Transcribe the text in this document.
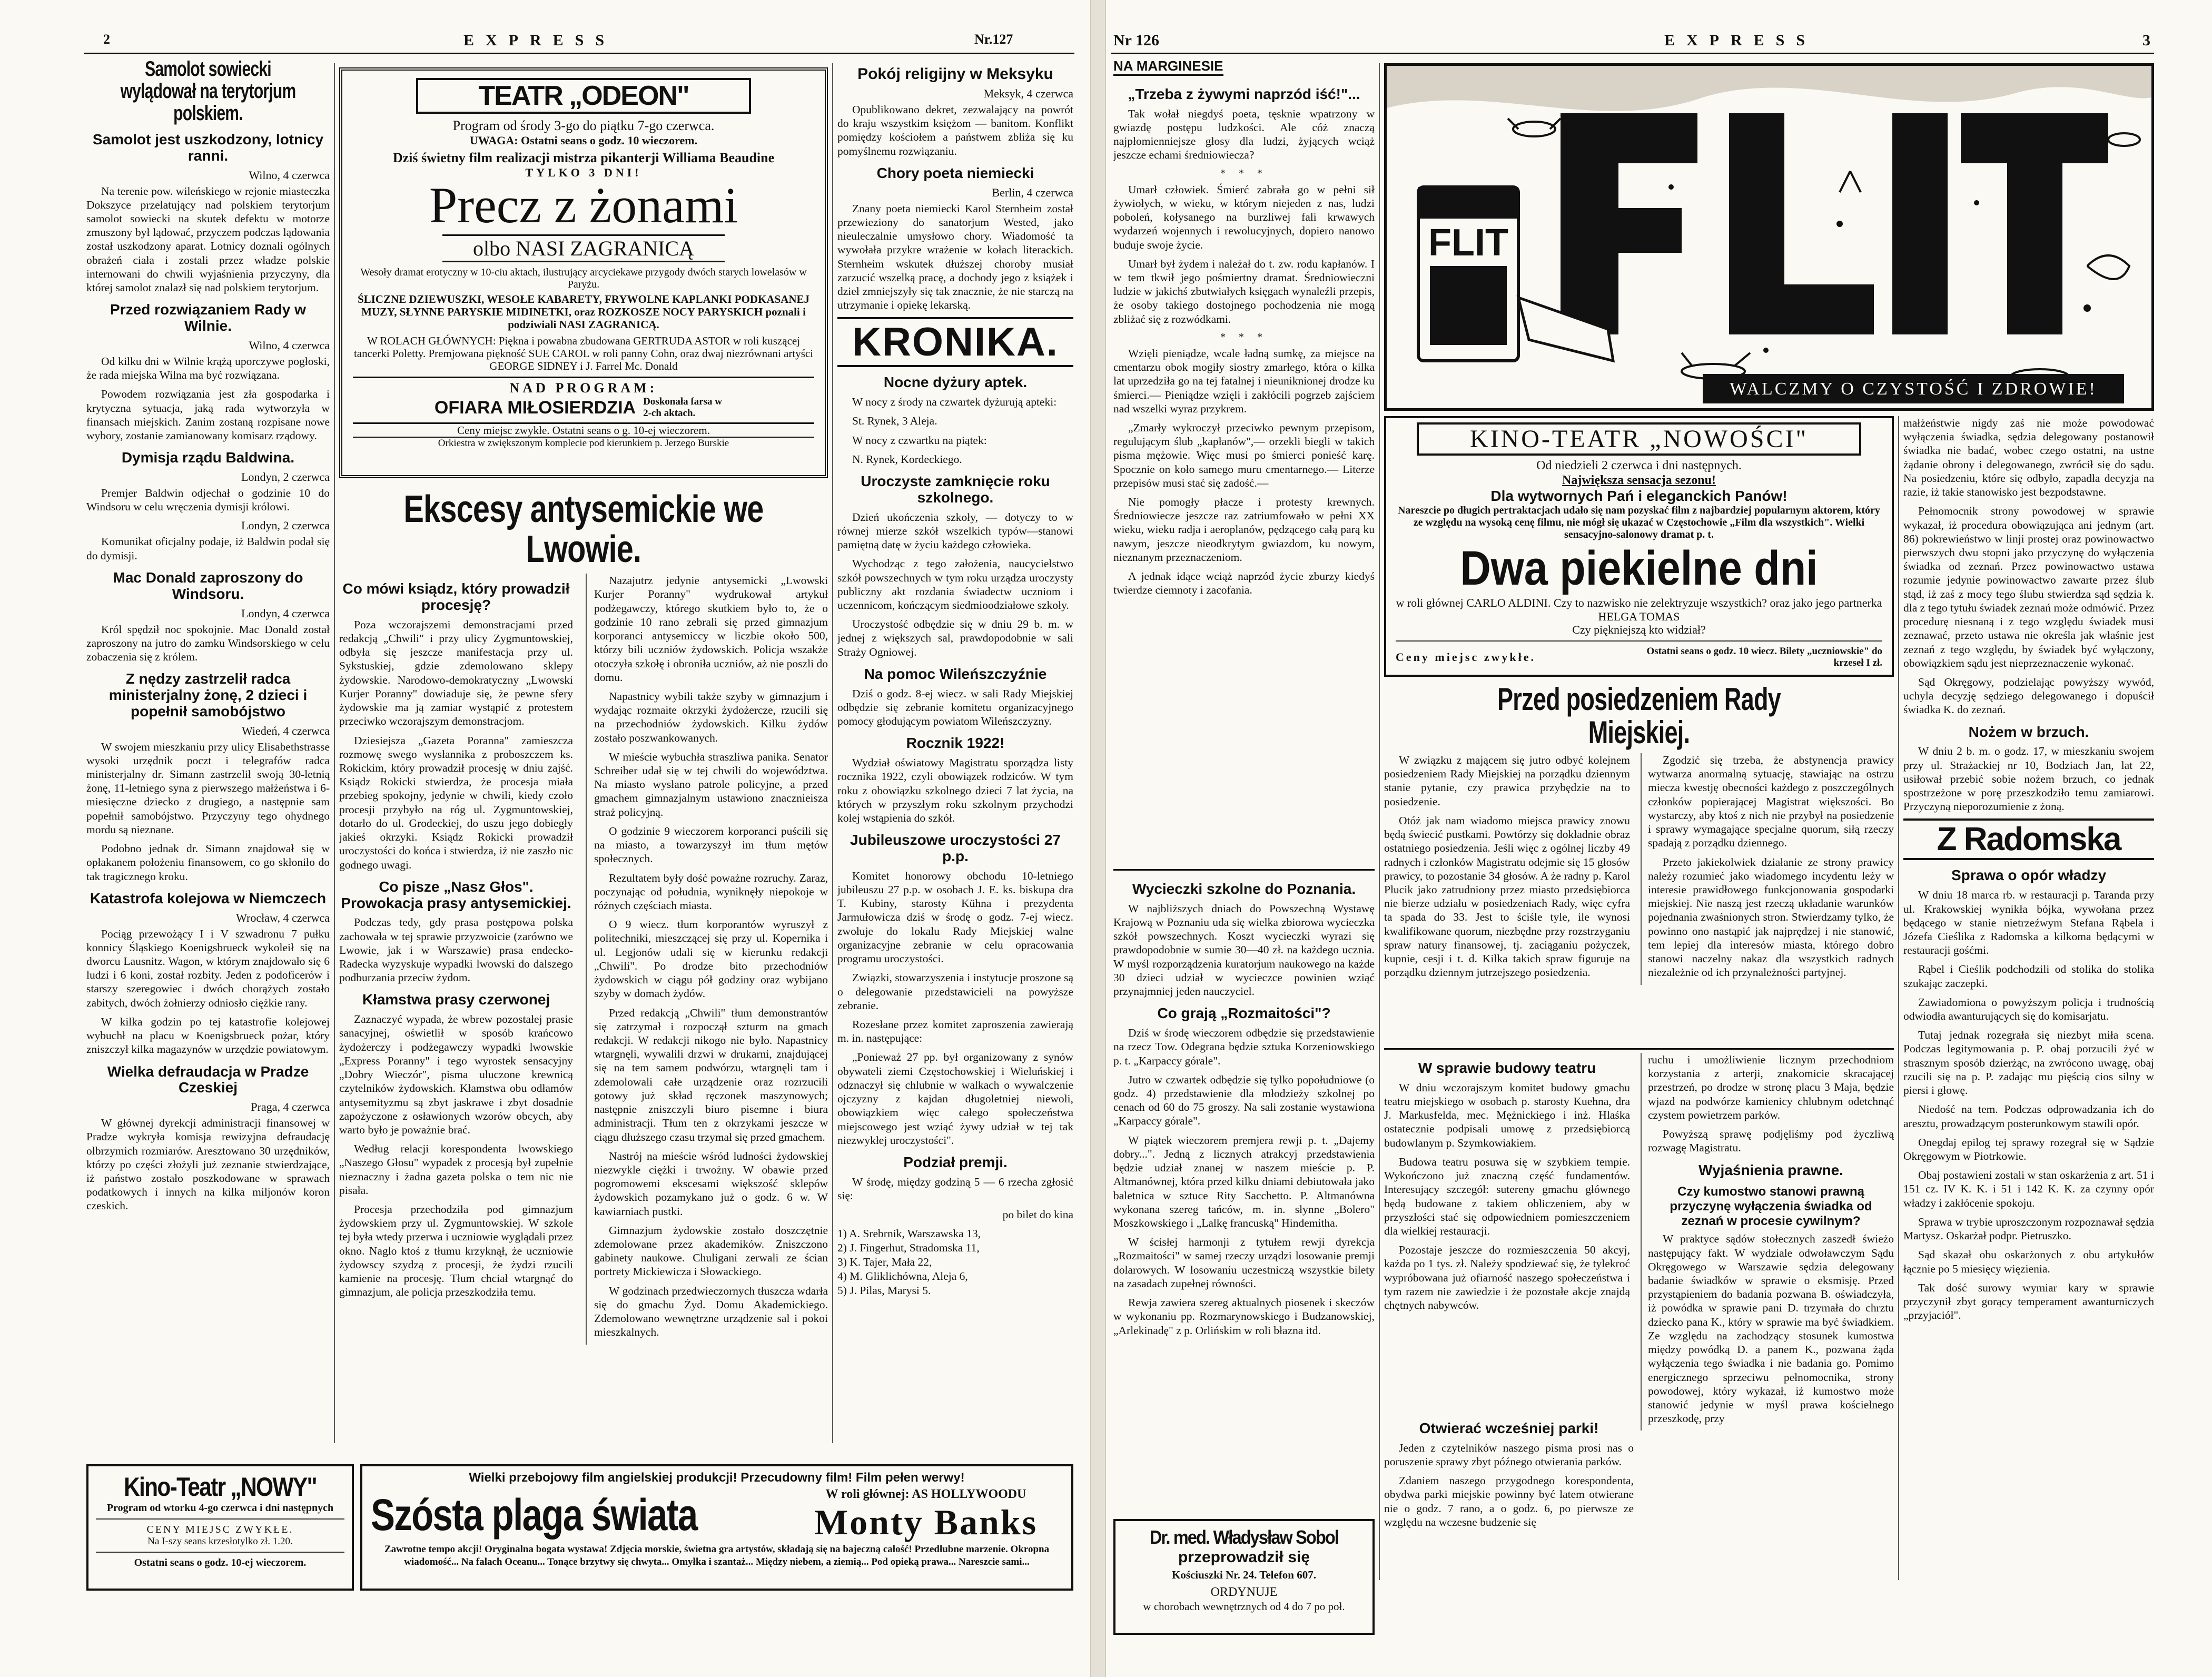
2	EXPRESS	Nr.127
Samolot sowiecki wylądował na terytorjum polskiem.
Samolot jest uszkodzony, lotnicy ranni.
Wilno, 4 czerwca

Na terenie pow. wileńskiego w rejonie miasteczka Dokszyce przelatujący nad polskiem terytorjum samolot sowiecki na skutek defektu w motorze zmuszony był lądować, przyczem podczas lądowania został uszkodzony aparat. Lotnicy doznali ogólnych obrażeń ciała i zostali przez władze polskie internowani do chwili wyjaśnienia przyczyny, dla której samolot znalazł się nad polskiem terytorjum.

Przed rozwiązaniem Rady w Wilnie.
Wilno, 4 czerwca

Od kilku dni w Wilnie krążą uporczywe pogłoski, że rada miejska Wilna ma być rozwiązana.

Powodem rozwiązania jest zła gospodarka i krytyczna sytuacja, jaką rada wytworzyła w finansach miejskich. Zanim zostaną rozpisane nowe wybory, zostanie zamianowany komisarz rządowy.

Dymisja rządu Baldwina.
Londyn, 2 czerwca

Premjer Baldwin odjechał o godzinie 10 do Windsoru w celu wręczenia dymisji królowi.

Londyn, 2 czerwca

Komunikat oficjalny podaje, iż Baldwin podał się do dymisji.

Mac Donald zaproszony do Windsoru.
Londyn, 4 czerwca

Król spędził noc spokojnie. Mac Donald został zaproszony na jutro do zamku Windsorskiego w celu zobaczenia się z królem.

Z nędzy zastrzelił radca ministerjalny żonę, 2 dzieci i popełnił samobójstwo
Wiedeń, 4 czerwca

W swojem mieszkaniu przy ulicy Elisabethstrasse wysoki urzędnik poczt i telegrafów radca ministerjalny dr. Simann zastrzelił swoją 30-letnią żonę, 11-letniego syna z pierwszego małżeństwa i 6-miesięczne dziecko z drugiego, a następnie sam popełnił samobójstwo. Przyczyny tego ohydnego mordu są nieznane.

Podobno jednak dr. Simann znajdował się w opłakanem położeniu finansowem, co go skłoniło do tak tragicznego kroku.

Katastrofa kolejowa w Niemczech
Wrocław, 4 czerwca

Pociąg przewożący I i V szwadronu 7 pułku konnicy Śląskiego Koenigsbrueck wykoleił się na dworcu Lausnitz. Wagon, w którym znajdowało się 6 ludzi i 6 koni, został rozbity. Jeden z podoficerów i starszy szeregowiec i dwóch chorążych zostało zabitych, dwóch żołnierzy odniosło ciężkie rany.

W kilka godzin po tej katastrofie kolejowej wybuchł na placu w Koenigsbrueck pożar, który zniszczył kilka magazynów w urzędzie powiatowym.

Wielka defraudacja w Pradze Czeskiej
Praga, 4 czerwca

W głównej dyrekcji administracji finansowej w Pradze wykryła komisja rewizyjna defraudację olbrzymich rozmiarów. Aresztowano 30 urzędników, którzy po części złożyli już zeznanie stwierdzające, iż państwo zostało poszkodowane w sprawach podatkowych i innych na kilka miljonów koron czeskich.

TEATR „ODEON"
Program od środy 3-go do piątku 7-go czerwca.
UWAGA: Ostatni seans o godz. 10 wieczorem.
Dziś świetny film realizacji mistrza pikanterji Williama Beaudine
TYLKO 3 DNI!
Precz z żonami
olbo NASI ZAGRANICĄ
Wesoły dramat erotyczny w 10-ciu aktach, ilustrujący arcyciekawe przygody dwóch starych lowelasów w Paryżu.
ŚLICZNE DZIEWUSZKI, WESOŁE KABARETY, FRYWOLNE KAPLANKI PODKASANEJ MUZY, SŁYNNE PARYSKIE MIDINETKI, oraz ROZKOSZE NOCY PARYSKICH poznali i podziwiali NASI ZAGRANICĄ.
W ROLACH GŁÓWNYCH: Piękna i powabna zbudowana GERTRUDA ASTOR w roli kuszącej tancerki Poletty. Premjowana piękność SUE CAROL w roli panny Cohn, oraz dwaj niezrównani artyści GEORGE SIDNEY i J. Farrel Mc. Donald
NAD PROGRAM:
OFIARA MIŁOSIERDZIA Doskonała farsa w 2-ch aktach.
Ceny miejsc zwykłe. Ostatni seans o g. 10-ej wieczorem.
Orkiestra w zwiększonym komplecie pod kierunkiem p. Jerzego Burskie
Ekscesy antysemickie we Lwowie.
Co mówi ksiądz, który prowadził procesję?

Poza wczorajszemi demonstracjami przed redakcją „Chwili" i przy ulicy Zygmuntowskiej, odbyła się jeszcze manifestacja przy ul. Sykstuskiej, gdzie zdemolowano sklepy żydowskie. Narodowo-demokratyczny „Lwowski Kurjer Poranny" dowiaduje się, że pewne sfery żydowskie ma ją zamiar wystąpić z protestem przeciwko wczorajszym demonstracjom.

Dziesiejsza „Gazeta Poranna" zamieszcza rozmowę swego wysłannika z proboszczem ks. Rokickim, który prowadził procesję w dniu zajść. Ksiądz Rokicki stwierdza, że procesja miała przebieg spokojny, jedynie w chwili, kiedy czoło procesji przybyło na róg ul. Zygmuntowskiej, dotarło do ul. Grodeckiej, do uszu jego dobiegły jakieś okrzyki. Ksiądz Rokicki prowadził uroczystości do końca i stwierdza, iż nie zaszło nic godnego uwagi.

Co pisze „Nasz Głos". Prowokacja prasy antysemickiej.

Podczas tedy, gdy prasa postępowa polska zachowała w tej sprawie przyzwoicie (zarówno we Lwowie, jak i w Warszawie) prasa endecko-Radecka wyzyskuje wypadki lwowski do dalszego podburzania przeciw żydom.

Kłamstwa prasy czerwonej

Zaznaczyć wypada, że wbrew pozostałej prasie sanacyjnej, oświetlił w sposób krańcowo żydożerczy i podżegawczy wypadki lwowskie „Express Poranny" i tego wyrostek sensacyjny „Dobry Wieczór", pisma uluczone krewnicą czytelników żydowskich. Kłamstwa obu odłamów antysemityzmu są zbyt jaskrawe i zbyt dosadnie zapożyczone z osławionych wzorów obcych, aby warto było je poważnie brać.

Według relacji korespondenta lwowskiego „Naszego Głosu" wypadek z procesją był zupełnie nieznaczny i żadna gazeta polska o tem nic nie pisała.

Procesja przechodziła pod gimnazjum żydowskiem przy ul. Zygmuntowskiej. W szkole tej była wtedy przerwa i uczniowie wyglądali przez okno. Naglo ktoś z tłumu krzyknął, że uczniowie żydowscy szydzą z procesji, że żydzi rzucili kamienie na procesję. Tłum chciał wtargnąć do gimnazjum, ale policja przeszkodziła temu.

Nazajutrz jedynie antysemicki „Lwowski Kurjer Poranny" wydrukował artykuł podżegawczy, którego skutkiem było to, że o godzinie 10 rano zebrali się przed gimnazjum korporanci antysemiccy w liczbie około 500, którzy bili uczniów żydowskich. Policja wszakże otoczyła szkołę i obroniła uczniów, aż nie poszli do domu.

Napastnicy wybili także szyby w gimnazjum i wydając rozmaite okrzyki żydożercze, rzucili się na przechodniów żydowskich. Kilku żydów zostało poszwankowanych.

W mieście wybuchła straszliwa panika. Senator Schreiber udał się w tej chwili do województwa. Na miasto wysłano patrole policyjne, a przed gmachem gimnazjalnym ustawiono znacznieisza straż policyjną.

O godzinie 9 wieczorem korporanci puścili się na miasto, a towarzyszył im tłum mętów społecznych.

Rezultatem były dość poważne rozruchy. Zaraz, poczynając od południa, wyniknęły niepokoje w różnych częściach miasta.

O 9 wiecz. tłum korporantów wyruszył z politechniki, mieszczącej się przy ul. Kopernika i ul. Legjonów udali się w kierunku redakcji „Chwili". Po drodze bito przechodniów żydowskich w ciągu pół godziny oraz wybijano szyby w domach żydów.

Przed redakcją „Chwili" tłum demonstrantów się zatrzymał i rozpoczął szturm na gmach redakcji. W redakcji nikogo nie było. Napastnicy wtargnęli, wywalili drzwi w drukarni, znajdującej się na tem samem podwórzu, wtargnęli tam i zdemolowali całe urządzenie oraz rozrzucili gotowy już skład ręczonek maszynowych; następnie zniszczyli biuro pisemne i biura administracji. Tłum ten z okrzykami jeszcze w ciągu dłuższego czasu trzymał się przed gmachem.

Nastrój na mieście wśród ludności żydowskiej niezwykle ciężki i trwożny. W obawie przed pogromowemi ekscesami większość sklepów żydowskich pozamykano już o godz. 6 w. W kawiarniach pustki.

Gimnazjum żydowskie zostało doszczętnie zdemolowane przez akademików. Zniszczono gabinety naukowe. Chuligani zerwali ze ścian portrety Mickiewicza i Słowackiego.

W godzinach przedwieczornych tłuszcza wdarła się do gmachu Żyd. Domu Akademickiego. Zdemolowano wewnętrzne urządzenie sal i pokoi mieszkalnych.

Pokój religijny w Meksyku
Meksyk, 4 czerwca

Opublikowano dekret, zezwalający na powrót do kraju wszystkim księżom — banitom. Konflikt pomiędzy kościołem a państwem zbliża się ku pomyślnemu rozwiązaniu.

Chory poeta niemiecki
Berlin, 4 czerwca

Znany poeta niemiecki Karol Sternheim został przewieziony do sanatorjum Wested, jako nieuleczalnie umysłowo chory. Wiadomość ta wywołała przykre wrażenie w kołach literackich. Sternheim wskutek dłuższej choroby musiał zarzucić wszelką pracę, a dochody jego z książek i dzieł zmniejszyły się tak znacznie, że nie starczą na utrzymanie i opiekę lekarską.

KRONIKA.
Nocne dyżury aptek.

W nocy z środy na czwartek dyżurują apteki:

St. Rynek, 3 Aleja.

W nocy z czwartku na piątek:

N. Rynek, Kordeckiego.

Uroczyste zamknięcie roku szkolnego.

Dzień ukończenia szkoły, — dotyczy to w równej mierze szkół wszelkich typów—stanowi pamiętną datę w życiu każdego człowieka.

Wychodząc z tego założenia, naucycielstwo szkół powszechnych w tym roku urządza uroczysty publiczny akt rozdania świadectw uczniom i uczennicom, kończącym siedmioodziałowe szkoły.

Uroczystość odbędzie się w dniu 29 b. m. w jednej z większych sal, prawdopodobnie w sali Straży Ogniowej.

Na pomoc Wileńszczyźnie

Dziś o godz. 8-ej wiecz. w sali Rady Miejskiej odbędzie się zebranie komitetu organizacyjnego pomocy głodującym powiatom Wileńszczyzny.

Rocznik 1922!

Wydział oświatowy Magistratu sporządza listy rocznika 1922, czyli obowiązek rodziców. W tym roku z obowiązku szkolnego dzieci 7 lat życia, na których w przyszłym roku szkolnym przychodzi kolej wstąpienia do szkół.

Jubileuszowe uroczystości 27 p.p.

Komitet honorowy obchodu 10-letniego jubileuszu 27 p.p. w osobach J. E. ks. biskupa dra T. Kubiny, starosty Kühna i prezydenta Jarmułowicza dziś w środę o godz. 7-ej wiecz. zwołuje do lokalu Rady Miejskiej walne organizacyjne zebranie w celu opracowania programu uroczystości.

Związki, stowarzyszenia i instytucje proszone są o delegowanie przedstawicieli na powyższe zebranie.

Rozesłane przez komitet zaproszenia zawierają m. in. następujące:

„Ponieważ 27 pp. był organizowany z synów obywateli ziemi Częstochowskiej i Wieluńskiej i odznaczył się chlubnie w walkach o wywalczenie ojczyzny z kajdan długoletniej niewoli, obowiązkiem więc całego społeczeństwa miejscowego jest wziąć żywy udział w tej tak niezwykłej uroczystości".

Podział premji.

W środę, między godziną 5 — 6 rzecha zgłosić się:

po bilet do kina

1) A. Srebrnik, Warszawska 13,

2) J. Fingerhut, Stradomska 11,

3) K. Tajer, Mała 22,

4) M. Gliklichówna, Aleja 6,

5) J. Pilas, Marysi 5.

Kino-Teatr „NOWY"
Program od wtorku 4-go czerwca i dni następnych
CENY MIEJSC ZWYKŁE.
Na I-szy seans krzesłotylko zł. 1.20.
Ostatni seans o godz. 10-ej wieczorem.
Wielki przebojowy film angielskiej produkcji! Przecudowny film! Film pełen werwy!
Szósta plaga świata	W roli głównej: AS HOLLYWOODU
Monty Banks
Zawrotne tempo akcji! Oryginalna bogata wystawa! Zdjęcia morskie, świetna gra artystów, składają się na bajeczną całość! Przedłubne marzenie. Okropna wiadomość... Na falach Oceanu... Tonące brzytwy się chwyta... Omyłka i szantaż... Między niebem, a ziemią... Pod opieką prawa... Nareszcie sami...
Nr 126	EXPRESS	3
NA MARGINESIE
„Trzeba z żywymi naprzód iść!"...

Tak wołał niegdyś poeta, tęsknie wpatrzony w gwiazdę postępu ludzkości. Ale cóż znaczą najpłomienniejsze głosy dla ludzi, żyjących wciąż jeszcze echami średniowiecza?

* * *

Umarł człowiek. Śmierć zabrała go w pełni sił żywiołych, w wieku, w którym niejeden z nas, ludzi poboleń, kołysanego na burzliwej fali krwawych wydarzeń wojennych i rewolucyjnych, dopiero nanowo buduje swoje życie.

Umarł był żydem i należał do t. zw. rodu kapłanów. I w tem tkwił jego pośmiertny dramat. Średniowieczni ludzie w jakichś zbutwiałych księgach wynaleźli przepis, że osoby takiego dostojnego pochodzenia nie mogą zbliżać się z rozwódkami.

* * *

Wzięli pieniądze, wcale ładną sumkę, za miejsce na cmentarzu obok mogiły siostry zmarłego, która o kilka lat uprzedziła go na tej fatalnej i nieuniknionej drodze ku śmierci.— Pieniądze wzięli i zakłócili pogrzeb zajściem nad wszelki wyraz przykrem.

„Zmarły wykroczył przeciwko pewnym przepisom, regulującym ślub „kapłanów",— orzekli biegli w takich pisma mężowie. Więc musi po śmierci ponieść karę. Spocznie on koło samego muru cmentarnego.— Literze przepisów musi stać się zadość.—

Nie pomogły płacze i protesty krewnych. Średniowiecze jeszcze raz zatriumfowało w pełni XX wieku, wieku radja i aeroplanów, pędzącego całą parą ku nawym, jeszcze nieodkrytym gwiazdom, ku nowym, nieznanym przeznaczeniom.

A jednak idące wciąż naprzód życie zburzy kiedyś twierdze ciemnoty i zacofania.

FLIT
WALCZMY O CZYSTOŚĆ I ZDROWIE!
KINO-TEATR „NOWOŚCI"
Od niedzieli 2 czerwca i dni następnych.
Największa sensacja sezonu!
Dla wytwornych Pań i eleganckich Panów!
Nareszcie po długich pertraktacjach udało się nam pozyskać film z najbardziej popularnym aktorem, który ze względu na wysoką cenę filmu, nie mógł się ukazać w Częstochowie „Film dla wszystkich". Wielki sensacyjno-salonowy dramat p. t.
Dwa piekielne dni
w roli głównej CARLO ALDINI. Czy to nazwisko nie zelektryzuje wszystkich? oraz jako jego partnerka HELGA TOMAS
Czy piękniejszą kto widział?
Ceny miejsc zwykłe.	Ostatni seans o godz. 10 wiecz. Bilety „uczniowskie" do krzeseł I zł.

małżeństwie nigdy zaś nie może powodować wyłączenia świadka, sędzia delegowany postanowił świadka nie badać, wobec czego ostatni, na ustne żądanie obrony i delegowanego, zwrócił się do sądu. Na posiedzeniu, które się odbyło, zapadła decyzja na razie, iż takie stanowisko jest bezpodstawne.

Pełnomocnik strony powodowej w sprawie wykazał, iż procedura obowiązująca ani jednym (art. 86) pokrewieństwo w linji prostej oraz powinowactwo pierwszych dwu stopni jako przyczynę do wyłączenia świadka od zeznań. Przez powinowactwo ustawa rozumie jedynie powinowactwo zawarte przez ślub stąd, iż zaś z mocy tego ślubu stwierdza sąd sędzia k. dla z tego tytułu świadek zeznań może odmówić. Przez procedurę niesnaną i z tego względu świadek musi zeznawać, przeto ustawa nie określa jak właśnie jest zeznań z tego względu, by świadek być wyłączony, obowiązkiem sądu jest nieprzeznaczenie wykonać.

Sąd Okręgowy, podzielając powyższy wywód, uchyla decyzję sędziego delegowanego i dopuścił świadka K. do zeznań.

Nożem w brzuch.

W dniu 2 b. m. o godz. 17, w mieszkaniu swojem przy ul. Strażackiej nr 10, Bodziach Jan, lat 22, usiłował przebić sobie nożem brzuch, co jednak spostrzeżone w porę przeszkodziło temu zamiarowi. Przyczyną nieporozumienie z żoną.

Z Radomska
Sprawa o opór władzy

W dniu 18 marca rb. w restauracji p. Taranda przy ul. Krakowskiej wynikła bójka, wywołana przez będącego w stanie nietrzeźwym Stefana Rąbela i Józefa Cieślika z Radomska a kilkoma będącymi w restauracji gośćmi.

Rąbel i Cieślik podchodzili od stolika do stolika szukając zaczepki.

Zawiadomiona o powyższym policja i trudnością odwiodła awanturujących się do komisarjatu.

Tutaj jednak rozegrała się niezbyt miła scena. Podczas legitymowania p. P. obaj porzucili żyć w strasznym sposób dzierżąc, na zwrócono uwagę, obaj rzucili się na p. P. zadając mu pięścią cios silny w piersi i głowę.

Niedość na tem. Podczas odprowadzania ich do aresztu, prowadzącym posterunkowym stawili opór.

Onegdaj epilog tej sprawy rozegrał się w Sądzie Okręgowym w Piotrkowie.

Obaj postawieni zostali w stan oskarżenia z art. 51 i 151 cz. IV K. K. i 51 i 142 K. K. za czynny opór władzy i zakłócenie spokoju.

Sprawa w trybie uproszczonym rozpoznawał sędzia Martysz. Oskarżał podpr. Pietruszko.

Sąd skazał obu oskarżonych z obu artykułów łącznie po 5 miesięcy więzienia.

Tak dość surowy wymiar kary w sprawie przyczynił zbyt gorący temperament awanturniczych „przyjaciół".

Przed posiedzeniem Rady Miejskiej.

W związku z mającem się jutro odbyć kolejnem posiedzeniem Rady Miejskiej na porządku dziennym stanie pytanie, czy prawica przybędzie na to posiedzenie.

Otóż jak nam wiadomo miejsca prawicy znowu będą świecić pustkami. Powtórzy się dokładnie obraz ostatniego posiedzenia. Jeśli więc z ogólnej liczby 49 radnych i członków Magistratu odejmie się 15 głosów prawicy, to pozostanie 34 głosów. A że radny p. Karol Plucik jako zatrudniony przez miasto przedsiębiorca nie bierze udziału w posiedzeniach Rady, więc cyfra ta spada do 33. Jest to ściśle tyle, ile wynosi kwalifikowane quorum, niezbędne przy rozstrzyganiu spraw natury finansowej, tj. zaciąganiu pożyczek, kupnie, cesji i t. d. Kilka takich spraw figuruje na porządku dziennym jutrzejszego posiedzenia.

Zgodzić się trzeba, że abstynencja prawicy wytwarza anormalną sytuację, stawiając na ostrzu miecza kwestję obecności każdego z poszczególnych członków popierającej Magistrat większości. Bo wystarczy, aby ktoś z nich nie przybył na posiedzenie i sprawy wymagające specjalne quorum, siłą rzeczy spadają z porządku dziennego.

Przeto jakiekolwiek działanie ze strony prawicy należy rozumieć jako wiadomego incydentu leży w interesie prawidłowego funkcjonowania gospodarki miejskiej. Nie naszą jest rzeczą układanie warunków pojednania zwaśnionych stron. Stwierdzamy tylko, że powinno ono nastąpić jak najprędzej i nie stanowić, tem lepiej dla interesów miasta, którego dobro stanowi naczelny nakaz dla wszystkich radnych niezależnie od ich przynależności partyjnej.

Wycieczki szkolne do Poznania.

W najbliższych dniach do Powszechną Wystawę Krajową w Poznaniu uda się wielka zbiorowa wycieczka szkół powszechnych. Koszt wycieczki wyrazi się prawdopodobnie w sumie 30—40 zł. na każdego ucznia. W myśl rozporządzenia kuratorjum naukowego na każde 30 dzieci udział w wycieczce powinien wziąć przynajmniej jeden nauczyciel.

Co grają „Rozmaitości"?

Dziś w środę wieczorem odbędzie się przedstawienie na rzecz Tow. Odegrana będzie sztuka Korzeniowskiego p. t. „Karpaccy górale".

Jutro w czwartek odbędzie się tylko popołudniowe (o godz. 4) przedstawienie dla młodzieży szkolnej po cenach od 60 do 75 groszy. Na sali zostanie wystawiona „Karpaccy górale".

W piątek wieczorem premjera rewji p. t. „Dajemy dobry...". Jedną z licznych atrakcyj przedstawienia będzie udział znanej w naszem mieście p. P. Altmanównej, która przed kilku dniami debiutowała jako baletnica w sztuce Rity Sacchetto. P. Altmanówna wykonana szereg tańców, m. in. słynne „Bolero" Moszkowskiego i „Lalkę francuską" Hindemitha.

W ścisłej harmonji z tytułem rewji dyrekcja „Rozmaitości" w samej rzeczy urządzi losowanie premji dolarowych. W losowaniu uczestniczą wszystkie bilety na zasadach zupełnej równości.

Rewja zawiera szereg aktualnych piosenek i skeczów w wykonaniu pp. Rozmarynowskiego i Budzanowskiej, „Arlekinadę" z p. Orlińskim w roli błazna itd.

Dr. med. Władysław Sobol
przeprowadził się
Kościuszki Nr. 24. Telefon 607.
ORDYNUJE
w chorobach wewnętrznych od 4 do 7 po poł.
W sprawie budowy teatru

W dniu wczorajszym komitet budowy gmachu teatru miejskiego w osobach p. starosty Kuehna, dra J. Markusfelda, mec. Mężnickiego i inż. Hlaśka ostatecznie podpisali umowę z przedsiębiorcą budowlanym p. Szymkowiakiem.

Budowa teatru posuwa się w szybkiem tempie. Wykończono już znaczną część fundamentów. Interesujący szczegół: sutereny gmachu głównego będą budowane z takiem obliczeniem, aby w przyszłości stać się odpowiedniem pomieszczeniem dla wielkiej restauracji.

Pozostaje jeszcze do rozmieszczenia 50 akcyj, każda po 1 tys. zł. Należy spodziewać się, że tylekroć wypróbowana już ofiarność naszego społeczeństwa i tym razem nie zawiedzie i że pozostałe akcje znajdą chętnych nabywców.

ruchu i umożliwienie licznym przechodniom korzystania z arterji, znakomicie skracającej przestrzeń, po drodze w stronę placu 3 Maja, będzie wjazd na podwórze kamienicy chlubnym odetchnąć czystem powietrzem parków.

Powyższą sprawę podjęliśmy pod życzliwą rozwagę Magistratu.

Wyjaśnienia prawne.
Czy kumostwo stanowi prawną przyczynę wyłączenia świadka od zeznań w procesie cywilnym?

W praktyce sądów stołecznych zaszedł świeżo następujący fakt. W wydziale odwoławczym Sądu Okręgowego w Warszawie sędzia delegowany badanie świadków w sprawie o eksmisję. Przed przystąpieniem do badania pozwana B. oświadczyła, iż powódka w sprawie pani D. trzymała do chrztu dziecko pana K., który w sprawie ma być świadkiem. Ze względu na zachodzący stosunek kumostwa między powódką D. a panem K., pozwana żąda wyłączenia tego świadka i nie badania go. Pomimo energicznego sprzeciwu pełnomocnika, strony powodowej, który wykazał, iż kumostwo może stanowić jedynie w myśl prawa kościelnego przeszkodę, przy

Otwierać wcześniej parki!

Jeden z czytelników naszego pisma prosi nas o poruszenie sprawy zbyt późnego otwierania parków.

Zdaniem naszego przygodnego korespondenta, obydwa parki miejskie powinny być latem otwierane nie o godz. 7 rano, a o godz. 6, po pierwsze ze względu na wczesne budzenie się
